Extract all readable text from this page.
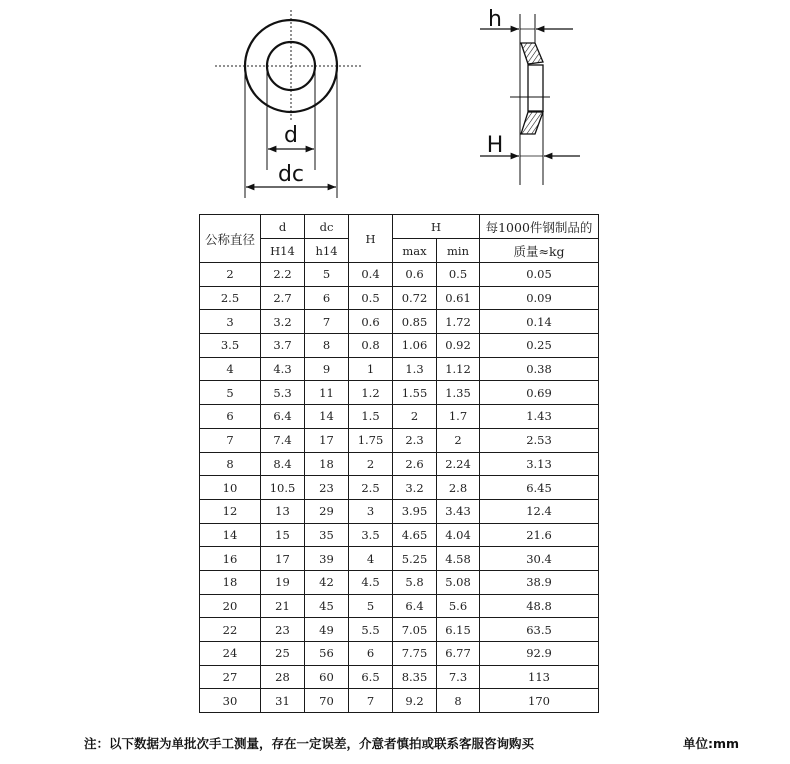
d
dc
h
H
公称直径	d	dc	H	H		每1000件钢制品的
	H14	h14		max	min	质量≈kg
2	2.2	5	0.4	0.6	0.5	0.05
2.5	2.7	6	0.5	0.72	0.61	0.09
3	3.2	7	0.6	0.85	1.72	0.14
3.5	3.7	8	0.8	1.06	0.92	0.25
4	4.3	9	1	1.3	1.12	0.38
5	5.3	11	1.2	1.55	1.35	0.69
6	6.4	14	1.5	2	1.7	1.43
7	7.4	17	1.75	2.3	2	2.53
8	8.4	18	2	2.6	2.24	3.13
10	10.5	23	2.5	3.2	2.8	6.45
12	13	29	3	3.95	3.43	12.4
14	15	35	3.5	4.65	4.04	21.6
16	17	39	4	5.25	4.58	30.4
18	19	42	4.5	5.8	5.08	38.9
20	21	45	5	6.4	5.6	48.8
22	23	49	5.5	7.05	6.15	63.5
24	25	56	6	7.75	6.77	92.9
27	28	60	6.5	8.35	7.3	113
30	31	70	7	9.2	8	170
注：以下数据为单批次手工测量，存在一定误差，介意者慎拍或联系客服咨询购买	单位:mm
